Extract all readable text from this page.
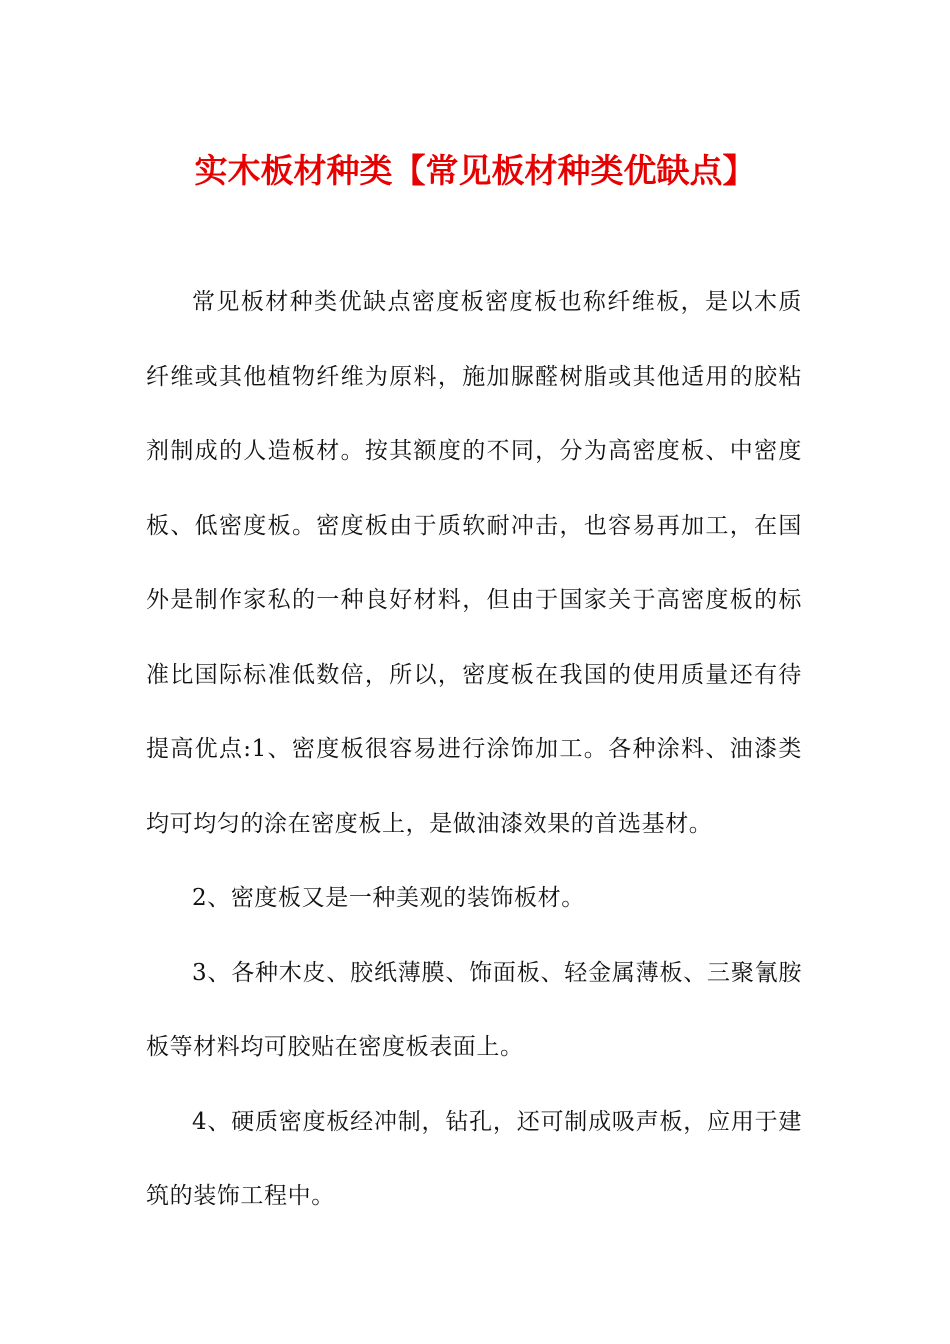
实木板材种类【常见板材种类优缺点】

常见板材种类优缺点密度板密度板也称纤维板，是以木质纤维或其他植物纤维为原料，施加脲醛树脂或其他适用的胶粘剂制成的人造板材。按其额度的不同，分为高密度板、中密度板、低密度板。密度板由于质软耐冲击，也容易再加工，在国外是制作家私的一种良好材料，但由于国家关于高密度板的标准比国际标准低数倍，所以，密度板在我国的使用质量还有待提高优点:1、密度板很容易进行涂饰加工。各种涂料、油漆类均可均匀的涂在密度板上，是做油漆效果的首选基材。

2、密度板又是一种美观的装饰板材。

3、各种木皮、胶纸薄膜、饰面板、轻金属薄板、三聚氰胺板等材料均可胶贴在密度板表面上。

4、硬质密度板经冲制，钻孔，还可制成吸声板，应用于建筑的装饰工程中。
